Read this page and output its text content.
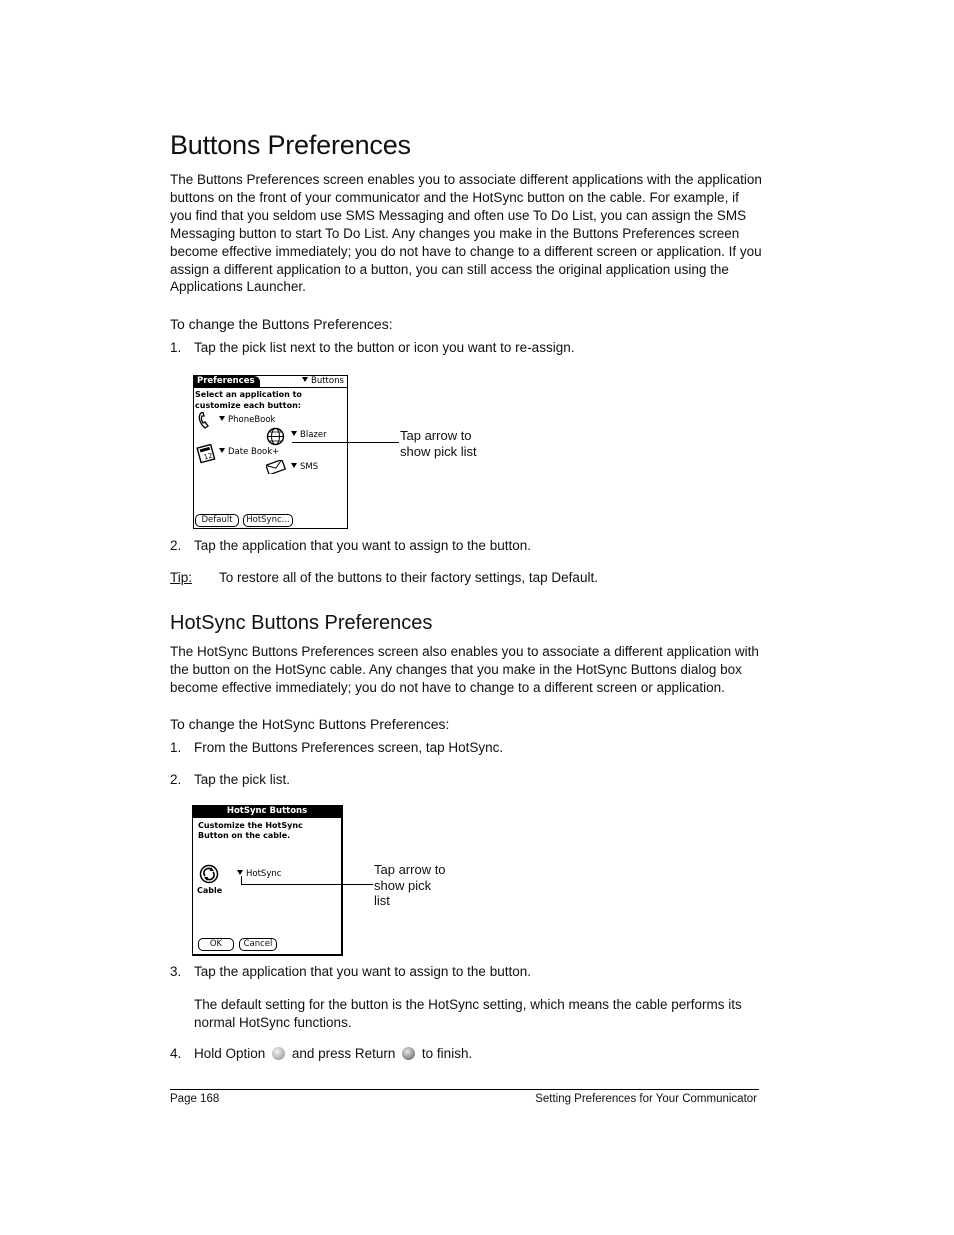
Buttons Preferences

The Buttons Preferences screen enables you to associate different applications with the application buttons on the front of your communicator and the HotSync button on the cable. For example, if you find that you seldom use SMS Messaging and often use To Do List, you can assign the SMS Messaging button to start To Do List. Any changes you make in the Buttons Preferences screen become effective immediately; you do not have to change to a different screen or application. If you assign a different application to a button, you can still access the original application using the Applications Launcher.

To change the Buttons Preferences:
1. Tap the pick list next to the button or icon you want to re-assign.
Preferences	Buttons
Select an application to
customize each button:
PhoneBook
Blazer
12	Date Book+
SMS
Default	HotSync...
Tap arrow to
show pick list
2. Tap the application that you want to assign to the button.
Tip: To restore all of the buttons to their factory settings, tap Default.
HotSync Buttons Preferences

The HotSync Buttons Preferences screen also enables you to associate a different application with the button on the HotSync cable. Any changes that you make in the HotSync Buttons dialog box become effective immediately; you do not have to change to a different screen or application.

To change the HotSync Buttons Preferences:
1. From the Buttons Preferences screen, tap HotSync.
2. Tap the pick list.
HotSync Buttons
Customize the HotSync
Button on the cable.
Cable
HotSync
OK	Cancel
Tap arrow to
show pick
list
3. Tap the application that you want to assign to the button.

The default setting for the button is the HotSync setting, which means the cable performs its normal HotSync functions.

4. Hold Option and press Return to finish.
Page 168	Setting Preferences for Your Communicator
